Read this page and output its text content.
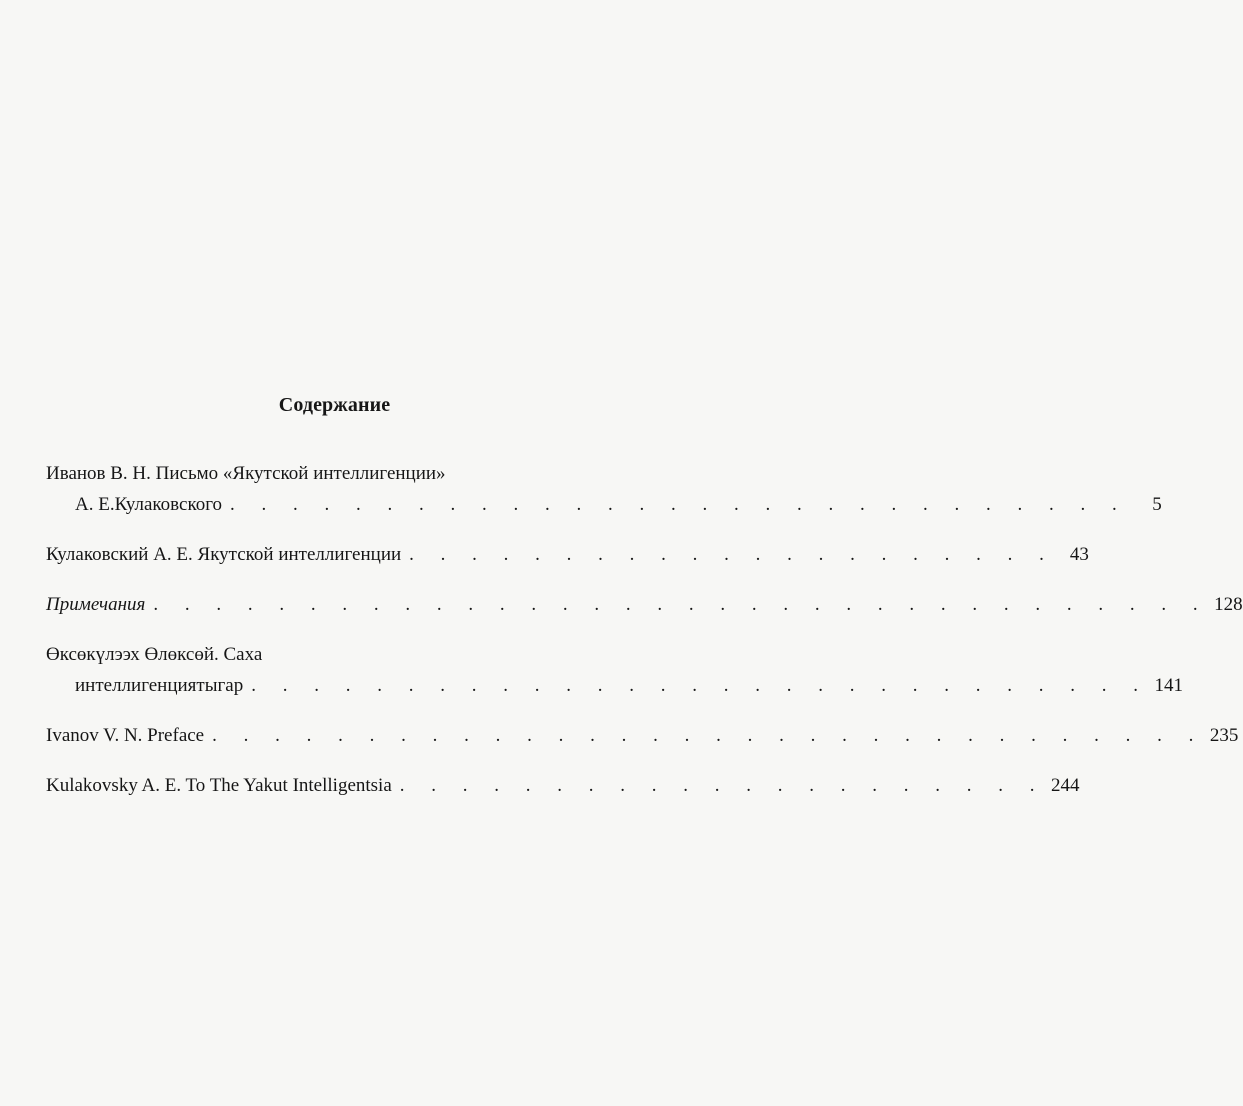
Содержание
Иванов В. Н. Письмо «Якутской интеллигенции»
А. Е.Кулаковского . . . . . . . . . . . . . . . . . . . . . . . . . . . . .	5
Кулаковский А. Е. Якутской интеллигенции . . . . . . . . . . . . . . . . . . . . . 43
Примечания . . . . . . . . . . . . . . . . . . . . . . . . . . . . . . . . . . 128
Өксөкүлээх Өлөксөй. Саха
интеллигенциятыгар . . . . . . . . . . . . . . . . . . . . . . . . . . . . . 141
Ivanov V. N. Preface . . . . . . . . . . . . . . . . . . . . . . . . . . . . . . . . 235
Kulakovsky A. E. To The Yakut Intelligentsia . . . . . . . . . . . . . . . . . . . . . 244
